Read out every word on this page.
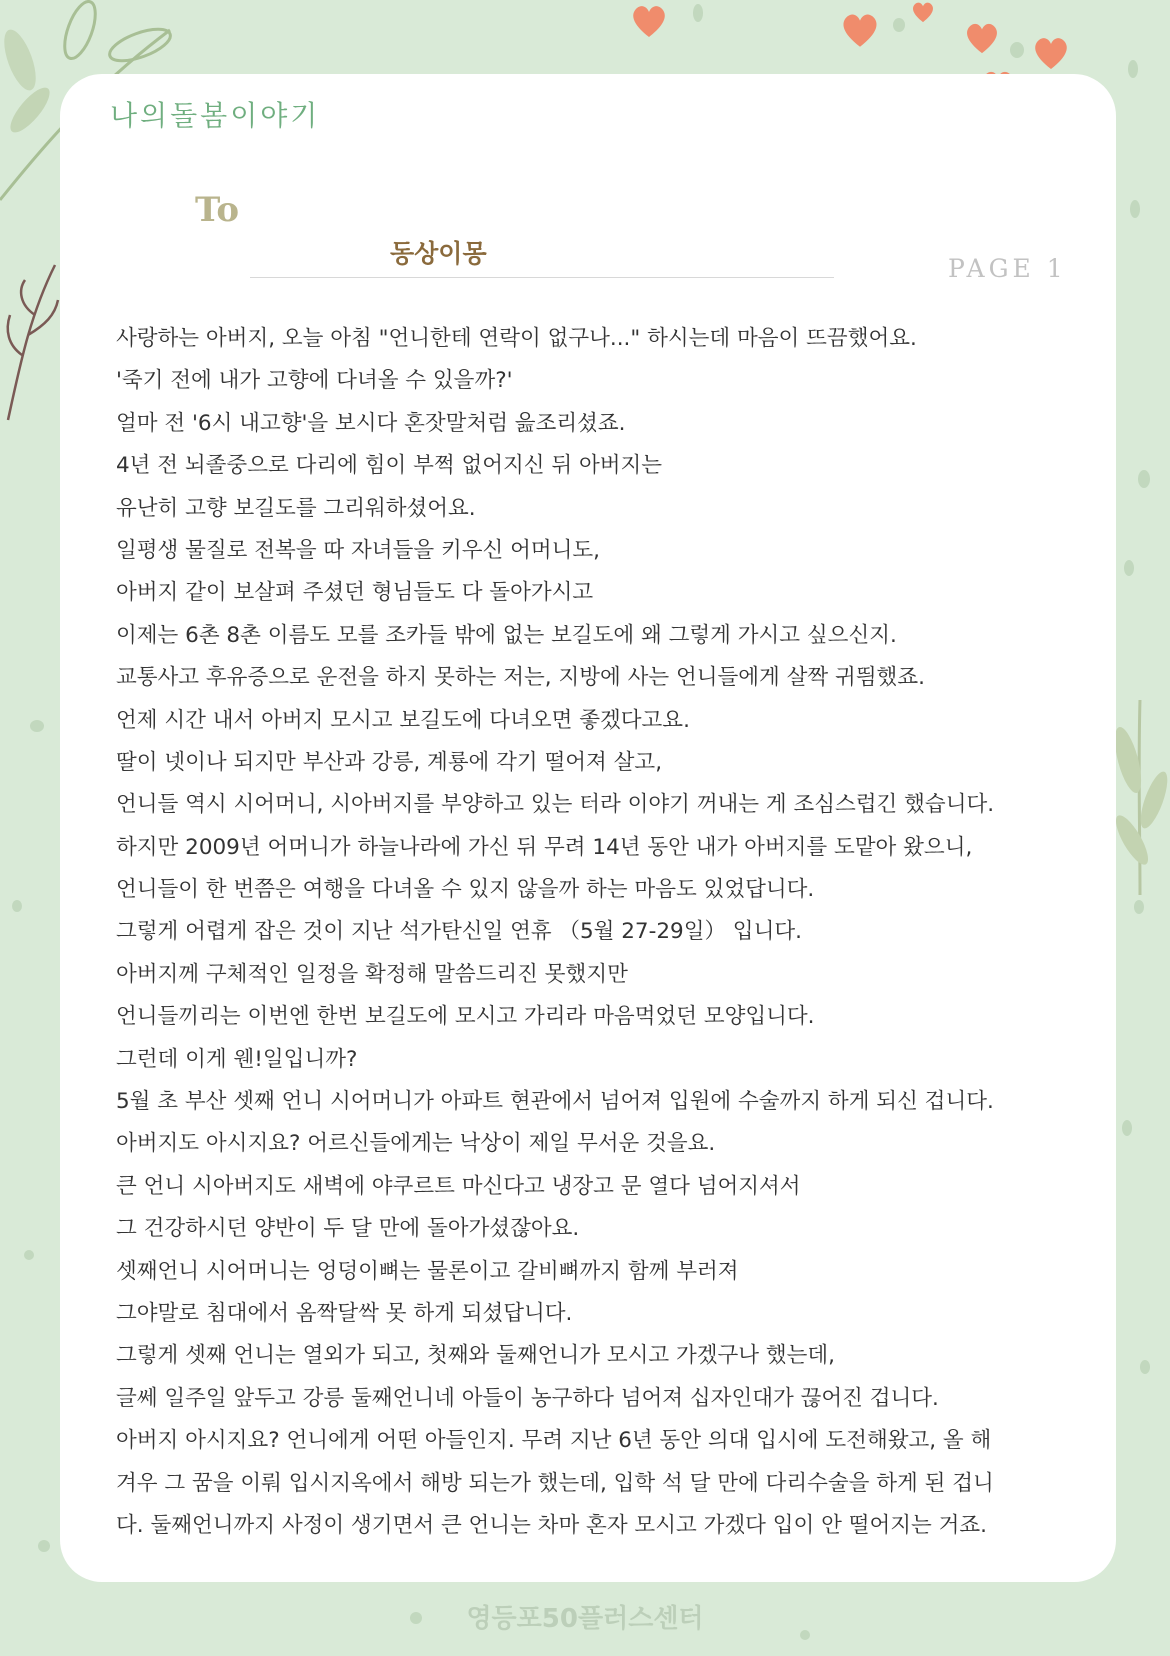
나의돌봄이야기
To
동상이몽
PAGE 1
사랑하는 아버지, 오늘 아침 "언니한테 연락이 없구나..." 하시는데 마음이 뜨끔했어요.
'죽기 전에 내가 고향에 다녀올 수 있을까?'
얼마 전 '6시 내고향'을 보시다 혼잣말처럼 읊조리셨죠.
4년 전 뇌졸중으로 다리에 힘이 부쩍 없어지신 뒤 아버지는
유난히 고향 보길도를 그리워하셨어요.
일평생 물질로 전복을 따 자녀들을 키우신 어머니도,
아버지 같이 보살펴 주셨던 형님들도 다 돌아가시고
이제는 6촌 8촌 이름도 모를 조카들 밖에 없는 보길도에 왜 그렇게 가시고 싶으신지.
교통사고 후유증으로 운전을 하지 못하는 저는, 지방에 사는 언니들에게 살짝 귀띔했죠.
언제 시간 내서 아버지 모시고 보길도에 다녀오면 좋겠다고요.
딸이 넷이나 되지만 부산과 강릉, 계룡에 각기 떨어져 살고,
언니들 역시 시어머니, 시아버지를 부양하고 있는 터라 이야기 꺼내는 게 조심스럽긴 했습니다.
하지만 2009년 어머니가 하늘나라에 가신 뒤 무려 14년 동안 내가 아버지를 도맡아 왔으니,
언니들이 한 번쯤은 여행을 다녀올 수 있지 않을까 하는 마음도 있었답니다.
그렇게 어렵게 잡은 것이 지난 석가탄신일 연휴 （5월 27-29일） 입니다.
아버지께 구체적인 일정을 확정해 말씀드리진 못했지만
언니들끼리는 이번엔 한번 보길도에 모시고 가리라 마음먹었던 모양입니다.
그런데 이게 웬!일입니까?
5월 초 부산 셋째 언니 시어머니가 아파트 현관에서 넘어져 입원에 수술까지 하게 되신 겁니다.
아버지도 아시지요? 어르신들에게는 낙상이 제일 무서운 것을요.
큰 언니 시아버지도 새벽에 야쿠르트 마신다고 냉장고 문 열다 넘어지셔서
그 건강하시던 양반이 두 달 만에 돌아가셨잖아요.
셋째언니 시어머니는 엉덩이뼈는 물론이고 갈비뼈까지 함께 부러져
그야말로 침대에서 옴짝달싹 못 하게 되셨답니다.
그렇게 셋째 언니는 열외가 되고, 첫째와 둘째언니가 모시고 가겠구나 했는데,
글쎄 일주일 앞두고 강릉 둘째언니네 아들이 농구하다 넘어져 십자인대가 끊어진 겁니다.
아버지 아시지요? 언니에게 어떤 아들인지. 무려 지난 6년 동안 의대 입시에 도전해왔고, 올 해
겨우 그 꿈을 이뤄 입시지옥에서 해방 되는가 했는데, 입학 석 달 만에 다리수술을 하게 된 겁니
다. 둘째언니까지 사정이 생기면서 큰 언니는 차마 혼자 모시고 가겠다 입이 안 떨어지는 거죠.
영등포50플러스센터
